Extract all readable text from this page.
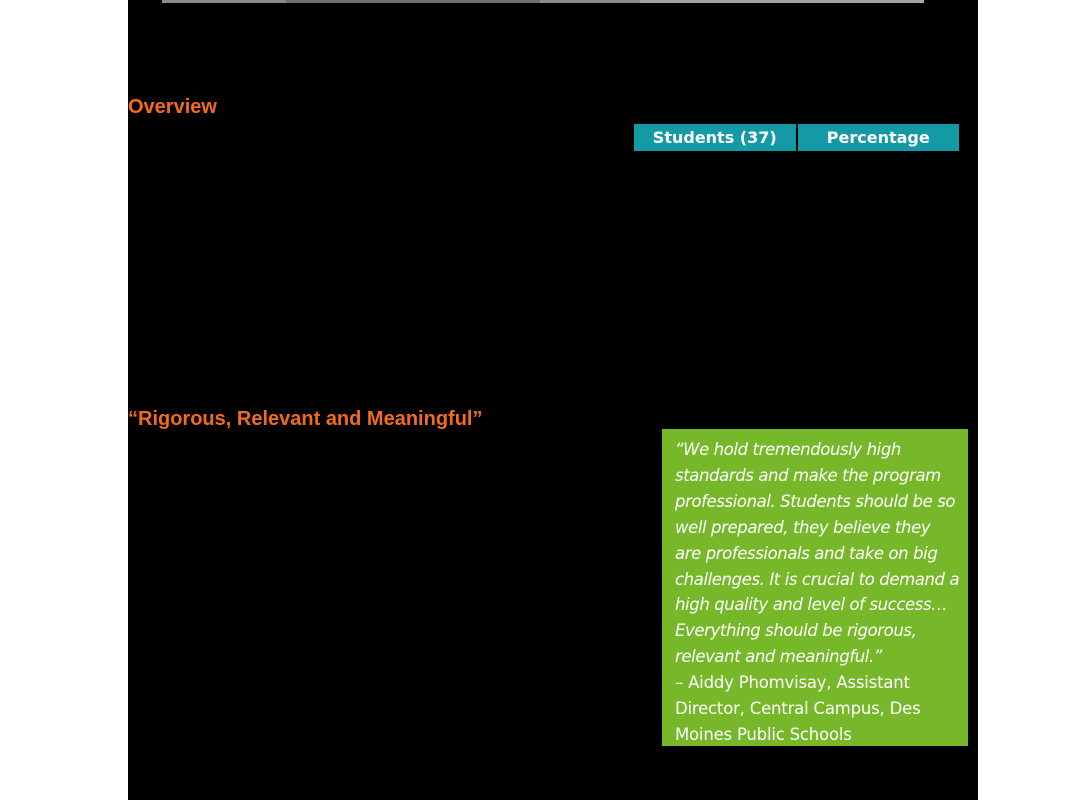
Overview
Students (37)	Percentage
“Rigorous, Relevant and Meaningful”
“We hold tremendously high standards and make the program professional. Students should be so well prepared, they believe they are professionals and take on big challenges. It is crucial to demand a high quality and level of success…Everything should be rigorous, relevant and meaningful.”
– Aiddy Phomvisay, Assistant Director, Central Campus, Des Moines Public Schools
